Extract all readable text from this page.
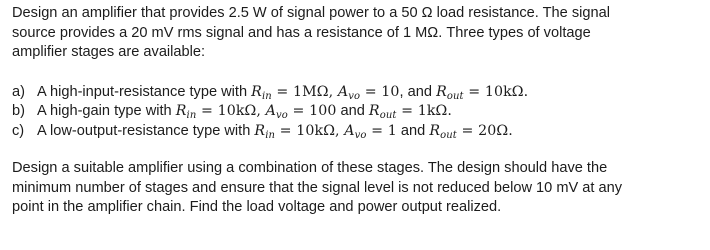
Design an amplifier that provides 2.5 W of signal power to a 50 Ω load resistance. The signal
source provides a 20 mV rms signal and has a resistance of 1 MΩ. Three types of voltage
amplifier stages are available:

a) A high-input-resistance type with $R_{in} = 1M\Omega$, $A_{vo} = 10$, and $R_{out} = 10k\Omega$.
b) A high-gain type with $R_{in} = 10k\Omega$, $A_{vo} = 100$ and $R_{out} = 1k\Omega$.
c) A low-output-resistance type with $R_{in} = 10k\Omega$, $A_{vo} = 1$ and $R_{out} = 20\Omega$.

Design a suitable amplifier using a combination of these stages. The design should have the
minimum number of stages and ensure that the signal level is not reduced below 10 mV at any
point in the amplifier chain. Find the load voltage and power output realized.
